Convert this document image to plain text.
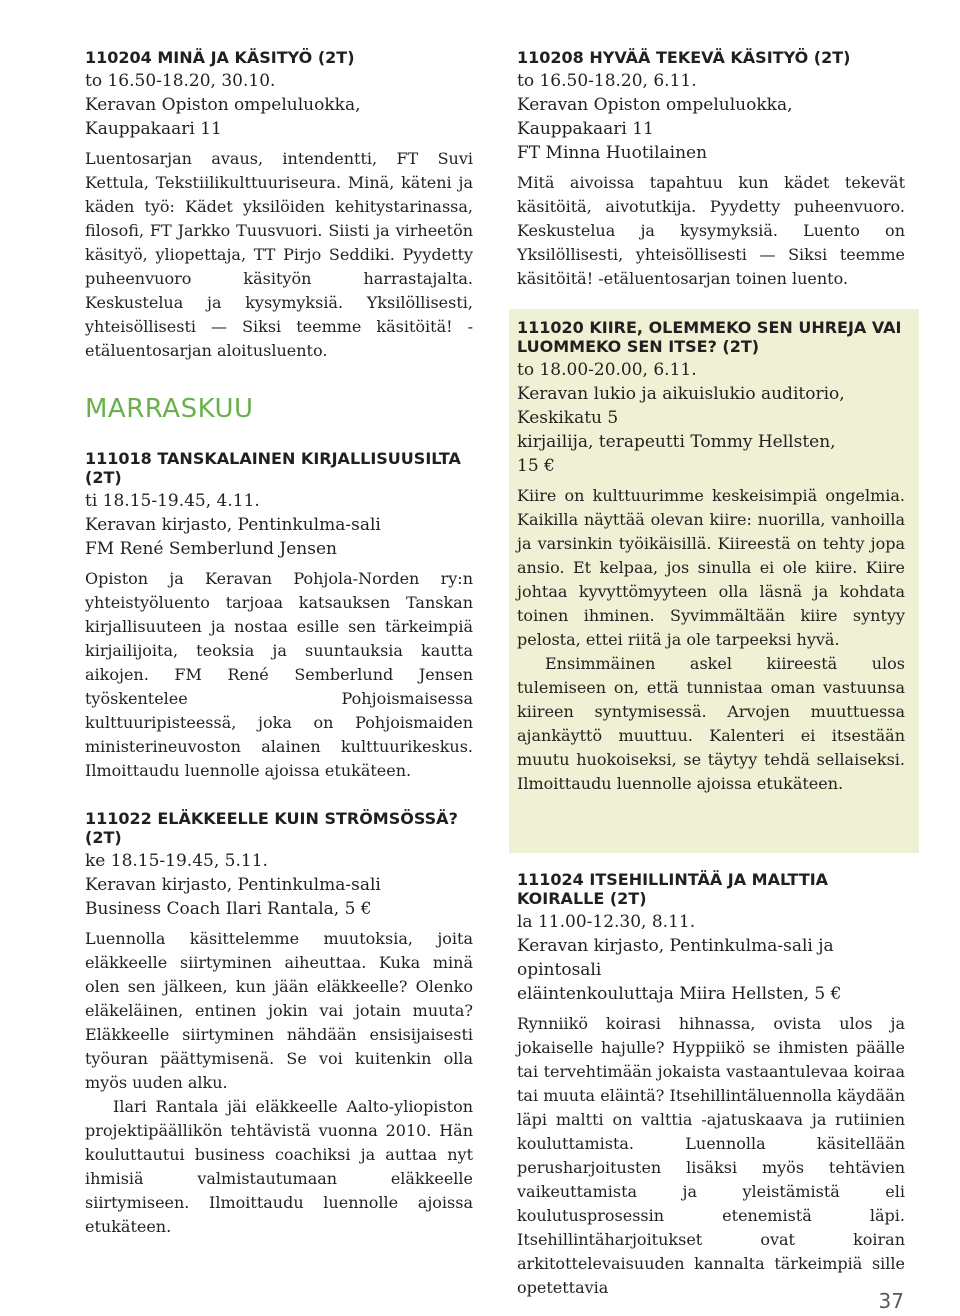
110204 MINÄ JA KÄSITYÖ (2T)

to 16.50-18.20, 30.10.

Keravan Opiston ompeluluokka,

Kauppakaari 11

Luentosarjan avaus, intendentti, FT Suvi Kettula, Tekstiilikulttuuriseura. Minä, käteni ja käden työ: Kädet yksilöiden kehitystarinassa, filosofi, FT Jarkko Tuusvuori. Siisti ja virheetön käsityö, yliopettaja, TT Pirjo Seddiki. Pyydetty puheenvuoro käsityön harrastajalta. Keskustelua ja kysymyksiä. Yksilöllisesti, yhteisöllisesti — Siksi teemme käsitöitä! -etäluentosarjan aloitusluento.

MARRASKUU
111018 TANSKALAINEN KIRJALLISUUSILTA (2T)

ti 18.15-19.45, 4.11.

Keravan kirjasto, Pentinkulma-sali

FM René Semberlund Jensen

Opiston ja Keravan Pohjola-Norden ry:n yhteistyöluento tarjoaa katsauksen Tanskan kirjallisuuteen ja nostaa esille sen tärkeimpiä kirjailijoita, teoksia ja suuntauksia kautta aikojen. FM René Semberlund Jensen työskentelee Pohjoismaisessa kulttuuripisteessä, joka on Pohjoismaiden ministerineuvoston alainen kulttuurikeskus. Ilmoittaudu luennolle ajoissa etukäteen.

111022 ELÄKKEELLE KUIN STRÖMSÖSSÄ? (2T)

ke 18.15-19.45, 5.11.

Keravan kirjasto, Pentinkulma-sali

Business Coach Ilari Rantala, 5 €

Luennolla käsittelemme muutoksia, joita eläkkeelle siirtyminen aiheuttaa. Kuka minä olen sen jälkeen, kun jään eläkkeelle? Olenko eläkeläinen, entinen jokin vai jotain muuta? Eläkkeelle siirtyminen nähdään ensisijaisesti työuran päättymisenä. Se voi kuitenkin olla myös uuden alku.

Ilari Rantala jäi eläkkeelle Aalto-yliopiston projektipäällikön tehtävistä vuonna 2010. Hän kouluttautui business coachiksi ja auttaa nyt ihmisiä valmistautumaan eläkkeelle siirtymiseen. Ilmoittaudu luennolle ajoissa etukäteen.

110208 HYVÄÄ TEKEVÄ KÄSITYÖ (2T)

to 16.50-18.20, 6.11.

Keravan Opiston ompeluluokka,

Kauppakaari 11

FT Minna Huotilainen

Mitä aivoissa tapahtuu kun kädet tekevät käsitöitä, aivotutkija. Pyydetty puheenvuoro. Keskustelua ja kysymyksiä. Luento on Yksilöllisesti, yhteisöllisesti — Siksi teemme käsitöitä! -etäluentosarjan toinen luento.

111020 KIIRE, OLEMMEKO SEN UHREJA VAI LUOMMEKO SEN ITSE? (2T)

to 18.00-20.00, 6.11.

Keravan lukio ja aikuislukio auditorio,

Keskikatu 5

kirjailija, terapeutti Tommy Hellsten,

15 €

Kiire on kulttuurimme keskeisimpiä ongelmia. Kaikilla näyttää olevan kiire: nuorilla, vanhoilla ja varsinkin työikäisillä. Kiireestä on tehty jopa ansio. Et kelpaa, jos sinulla ei ole kiire. Kiire johtaa kyvyttömyyteen olla läsnä ja kohdata toinen ihminen. Syvimmältään kiire syntyy pelosta, ettei riitä ja ole tarpeeksi hyvä.

Ensimmäinen askel kiireestä ulos tulemiseen on, että tunnistaa oman vastuunsa kiireen syntymisessä. Arvojen muuttuessa ajankäyttö muuttuu. Kalenteri ei itsestään muutu huokoiseksi, se täytyy tehdä sellaiseksi. Ilmoittaudu luennolle ajoissa etukäteen.

111024 ITSEHILLINTÄÄ JA MALTTIA KOIRALLE (2T)

la 11.00-12.30, 8.11.

Keravan kirjasto, Pentinkulma-sali ja opintosali

eläintenkouluttaja Miira Hellsten, 5 €

Rynniikö koirasi hihnassa, ovista ulos ja jokaiselle hajulle? Hyppiikö se ihmisten päälle tai tervehtimään jokaista vastaantulevaa koiraa tai muuta eläintä? Itsehillintäluennolla käydään läpi maltti on valttia -ajatuskaava ja rutiinien kouluttamista. Luennolla käsitellään perusharjoitusten lisäksi myös tehtävien vaikeuttamista ja yleistämistä eli koulutusprosessin etenemistä läpi. Itsehillintäharjoitukset ovat koiran arkitottelevaisuuden kannalta tärkeimpiä sille opetettavia

37
